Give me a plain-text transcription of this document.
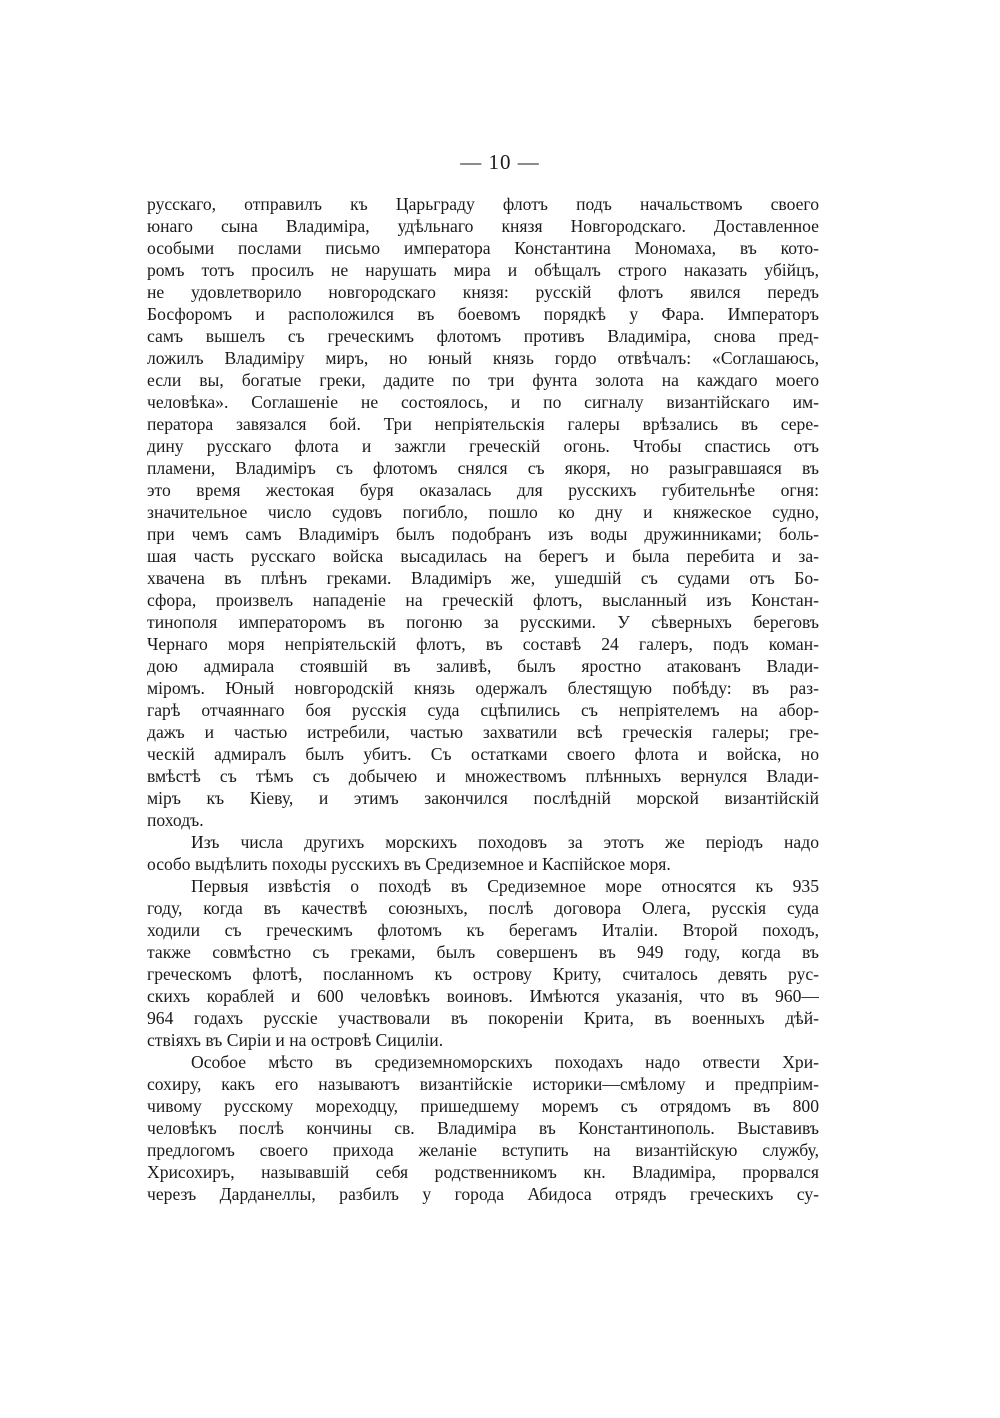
— 10 —
русскаго, отправилъ къ Царьграду флотъ подъ начальствомъ своего
юнаго сына Владиміра, удѣльнаго князя Новгородскаго. Доставленное
особыми послами письмо императора Константина Мономаха, въ кото-
ромъ тотъ просилъ не нарушать мира и обѣщалъ строго наказать убійцъ,
не удовлетворило новгородскаго князя: русскій флотъ явился передъ
Босфоромъ и расположился въ боевомъ порядкѣ у Фара. Императоръ
самъ вышелъ съ греческимъ флотомъ противъ Владиміра, снова пред-
ложилъ Владиміру миръ, но юный князь гордо отвѣчалъ: «Соглашаюсь,
если вы, богатые греки, дадите по три фунта золота на каждаго моего
человѣка». Соглашеніе не состоялось, и по сигналу византійскаго им-
ператора завязался бой. Три непріятельскія галеры врѣзались въ сере-
дину русскаго флота и зажгли греческій огонь. Чтобы спастись отъ
пламени, Владиміръ съ флотомъ снялся съ якоря, но разыгравшаяся въ
это время жестокая буря оказалась для русскихъ губительнѣе огня:
значительное число судовъ погибло, пошло ко дну и княжеское судно,
при чемъ самъ Владиміръ былъ подобранъ изъ воды дружинниками; боль-
шая часть русскаго войска высадилась на берегъ и была перебита и за-
хвачена въ плѣнъ греками. Владиміръ же, ушедшій съ судами отъ Бо-
сфора, произвелъ нападеніе на греческій флотъ, высланный изъ Констан-
тинополя императоромъ въ погоню за русскими. У сѣверныхъ береговъ
Чернаго моря непріятельскій флотъ, въ составѣ 24 галеръ, подъ коман-
дою адмирала стоявшій въ заливѣ, былъ яростно атакованъ Влади-
міромъ. Юный новгородскій князь одержалъ блестящую побѣду: въ раз-
гарѣ отчаяннаго боя русскія суда сцѣпились съ непріятелемъ на абор-
дажъ и частью истребили, частью захватили всѣ греческія галеры; гре-
ческій адмиралъ былъ убитъ. Съ остатками своего флота и войска, но
вмѣстѣ съ тѣмъ съ добычею и множествомъ плѣнныхъ вернулся Влади-
міръ къ Кіеву, и этимъ закончился послѣдній морской византійскій
походъ.
Изъ числа другихъ морскихъ походовъ за этотъ же періодъ надо
особо выдѣлить походы русскихъ въ Средиземное и Каспійское моря.
Первыя извѣстія о походѣ въ Средиземное море относятся къ 935
году, когда въ качествѣ союзныхъ, послѣ договора Олега, русскія суда
ходили съ греческимъ флотомъ къ берегамъ Италіи. Второй походъ,
также совмѣстно съ греками, былъ совершенъ въ 949 году, когда въ
греческомъ флотѣ, посланномъ къ острову Криту, считалось девять рус-
скихъ кораблей и 600 человѣкъ воиновъ. Имѣются указанія, что въ 960—
964 годахъ русскіе участвовали въ покореніи Крита, въ военныхъ дѣй-
ствіяхъ въ Сиріи и на островѣ Сициліи.
Особое мѣсто въ средиземноморскихъ походахъ надо отвести Хри-
сохиру, какъ его называютъ византійскіе историки—смѣлому и предпріим-
чивому русскому мореходцу, пришедшему моремъ съ отрядомъ въ 800
человѣкъ послѣ кончины св. Владиміра въ Константинополь. Выставивъ
предлогомъ своего прихода желаніе вступить на византійскую службу,
Хрисохиръ, называвшій себя родственникомъ кн. Владиміра, прорвался
черезъ Дарданеллы, разбилъ у города Абидоса отрядъ греческихъ су-
